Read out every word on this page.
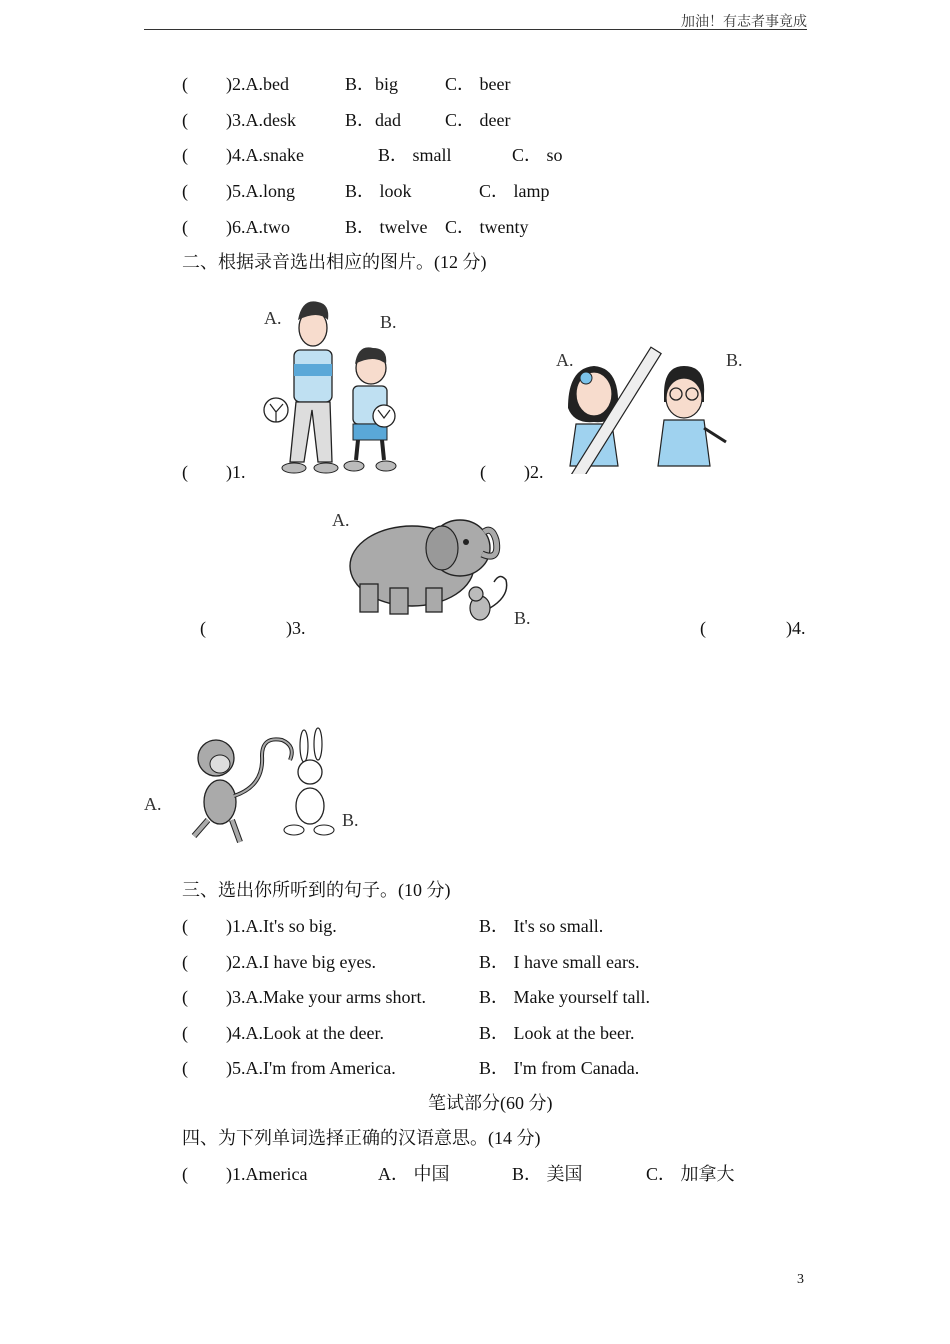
加油！有志者事竟成
( )2.A.bed	B．big	C． beer
( )3.A.desk	B．dad C． deer
( )4.A.snake	B． small	C． so
( )5.A.long	B． look	C． lamp
( )6.A.two	B． twelve C． twenty
二、根据录音选出相应的图片。(12 分)
A.	B.
( )1.
A.	B.
( )2.
A.
B.
(	)3.	(	)4.
A.
B.
三、选出你所听到的句子。(10 分)
( )1.A.It's so big.	B． It's so small.
( )2.A.I have big eyes.	B． I have small ears.
( )3.A.Make your arms short.	B． Make yourself tall.
( )4.A.Look at the deer.	B． Look at the beer.
( )5.A.I'm from America.	B． I'm from Canada.
笔试部分(60 分)
四、为下列单词选择正确的汉语意思。(14 分)
( )1.America	A． 中国	B． 美国	C． 加拿大
3
